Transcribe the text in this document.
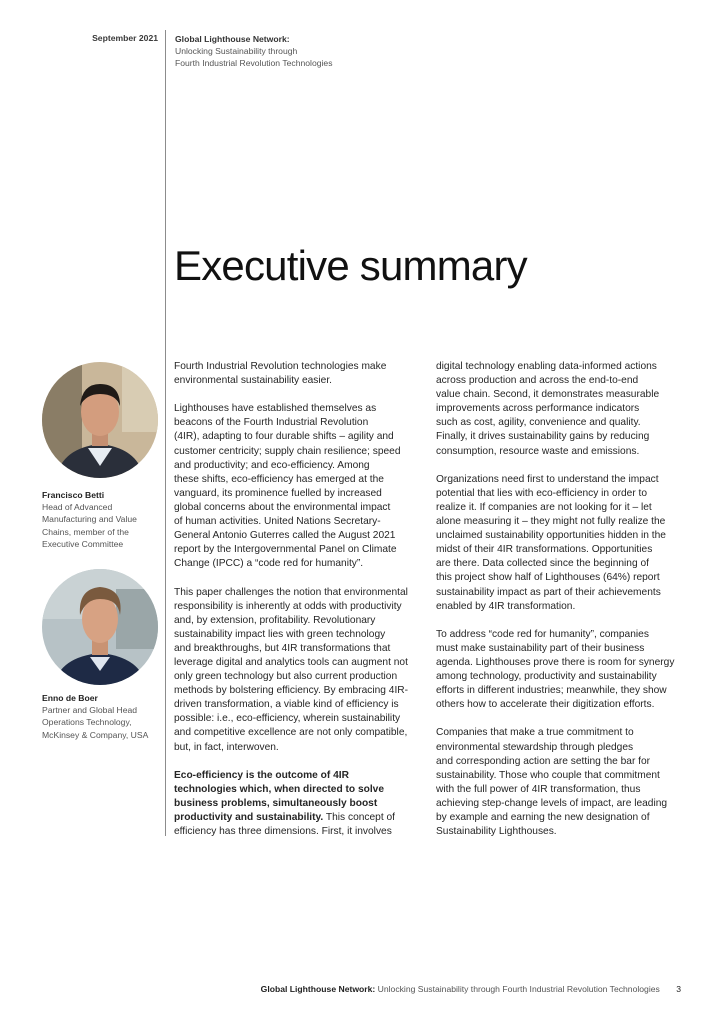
September 2021 Global Lighthouse Network:
Unlocking Sustainability through
Fourth Industrial Revolution Technologies
Executive summary
Francisco Betti
Head of Advanced
Manufacturing and Value
Chains, member of the
Executive Committee
Enno de Boer
Partner and Global Head
Operations Technology,
McKinsey & Company, USA

Fourth Industrial Revolution technologies make
environmental sustainability easier.

Lighthouses have established themselves as
beacons of the Fourth Industrial Revolution
(4IR), adapting to four durable shifts – agility and
customer centricity; supply chain resilience; speed
and productivity; and eco-efficiency. Among
these shifts, eco-efficiency has emerged at the
vanguard, its prominence fuelled by increased
global concerns about the environmental impact
of human activities. United Nations Secretary-
General Antonio Guterres called the August 2021
report by the Intergovernmental Panel on Climate
Change (IPCC) a “code red for humanity”.

This paper challenges the notion that environmental
responsibility is inherently at odds with productivity
and, by extension, profitability. Revolutionary
sustainability impact lies with green technology
and breakthroughs, but 4IR transformations that
leverage digital and analytics tools can augment not
only green technology but also current production
methods by bolstering efficiency. By embracing 4IR-
driven transformation, a viable kind of efficiency is
possible: i.e., eco-efficiency, wherein sustainability
and competitive excellence are not only compatible,
but, in fact, interwoven.

Eco-efficiency is the outcome of 4IR
technologies which, when directed to solve
business problems, simultaneously boost
productivity and sustainability. This concept of
efficiency has three dimensions. First, it involves

digital technology enabling data-informed actions
across production and across the end-to-end
value chain. Second, it demonstrates measurable
improvements across performance indicators
such as cost, agility, convenience and quality.
Finally, it drives sustainability gains by reducing
consumption, resource waste and emissions.

Organizations need first to understand the impact
potential that lies with eco-efficiency in order to
realize it. If companies are not looking for it – let
alone measuring it – they might not fully realize the
unclaimed sustainability opportunities hidden in the
midst of their 4IR transformations. Opportunities
are there. Data collected since the beginning of
this project show half of Lighthouses (64%) report
sustainability impact as part of their achievements
enabled by 4IR transformation.

To address “code red for humanity”, companies
must make sustainability part of their business
agenda. Lighthouses prove there is room for synergy
among technology, productivity and sustainability
efforts in different industries; meanwhile, they show
others how to accelerate their digitization efforts.

Companies that make a true commitment to
environmental stewardship through pledges
and corresponding action are setting the bar for
sustainability. Those who couple that commitment
with the full power of 4IR transformation, thus
achieving step-change levels of impact, are leading
by example and earning the new designation of
Sustainability Lighthouses.

Global Lighthouse Network: Unlocking Sustainability through Fourth Industrial Revolution Technologies 3
